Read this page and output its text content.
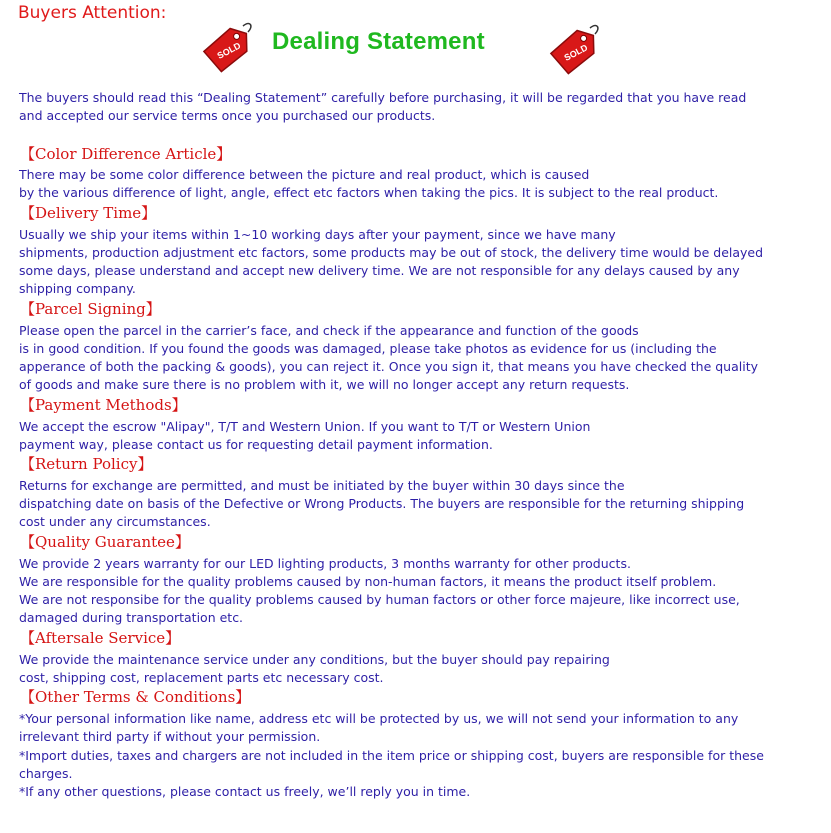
Buyers Attention:
SOLD Dealing Statement	SOLD

The buyers should read this “Dealing Statement” carefully before purchasing, it will be regarded that you have read

and accepted our service terms once you purchased our products.

【Color Difference Article】

There may be some color difference between the picture and real product, which is caused

by the various difference of light, angle, effect etc factors when taking the pics. It is subject to the real product.

【Delivery Time】

Usually we ship your items within 1~10 working days after your payment, since we have many

shipments, production adjustment etc factors, some products may be out of stock, the delivery time would be delayed

some days, please understand and accept new delivery time. We are not responsible for any delays caused by any

shipping company.

【Parcel Signing】

Please open the parcel in the carrier’s face, and check if the appearance and function of the goods

is in good condition. If you found the goods was damaged, please take photos as evidence for us (including the

apperance of both the packing & goods), you can reject it. Once you sign it, that means you have checked the quality

of goods and make sure there is no problem with it, we will no longer accept any return requests.

【Payment Methods】

We accept the escrow "Alipay", T/T and Western Union. If you want to T/T or Western Union

payment way, please contact us for requesting detail payment information.

【Return Policy】

Returns for exchange are permitted, and must be initiated by the buyer within 30 days since the

dispatching date on basis of the Defective or Wrong Products. The buyers are responsible for the returning shipping

cost under any circumstances.

【Quality Guarantee】

We provide 2 years warranty for our LED lighting products, 3 months warranty for other products.

We are responsible for the quality problems caused by non-human factors, it means the product itself problem.

We are not responsibe for the quality problems caused by human factors or other force majeure, like incorrect use,

damaged during transportation etc.

【Aftersale Service】

We provide the maintenance service under any conditions, but the buyer should pay repairing

cost, shipping cost, replacement parts etc necessary cost.

【Other Terms & Conditions】

*Your personal information like name, address etc will be protected by us, we will not send your information to any

irrelevant third party if without your permission.

*Import duties, taxes and chargers are not included in the item price or shipping cost, buyers are responsible for these

charges.

*If any other questions, please contact us freely, we’ll reply you in time.
